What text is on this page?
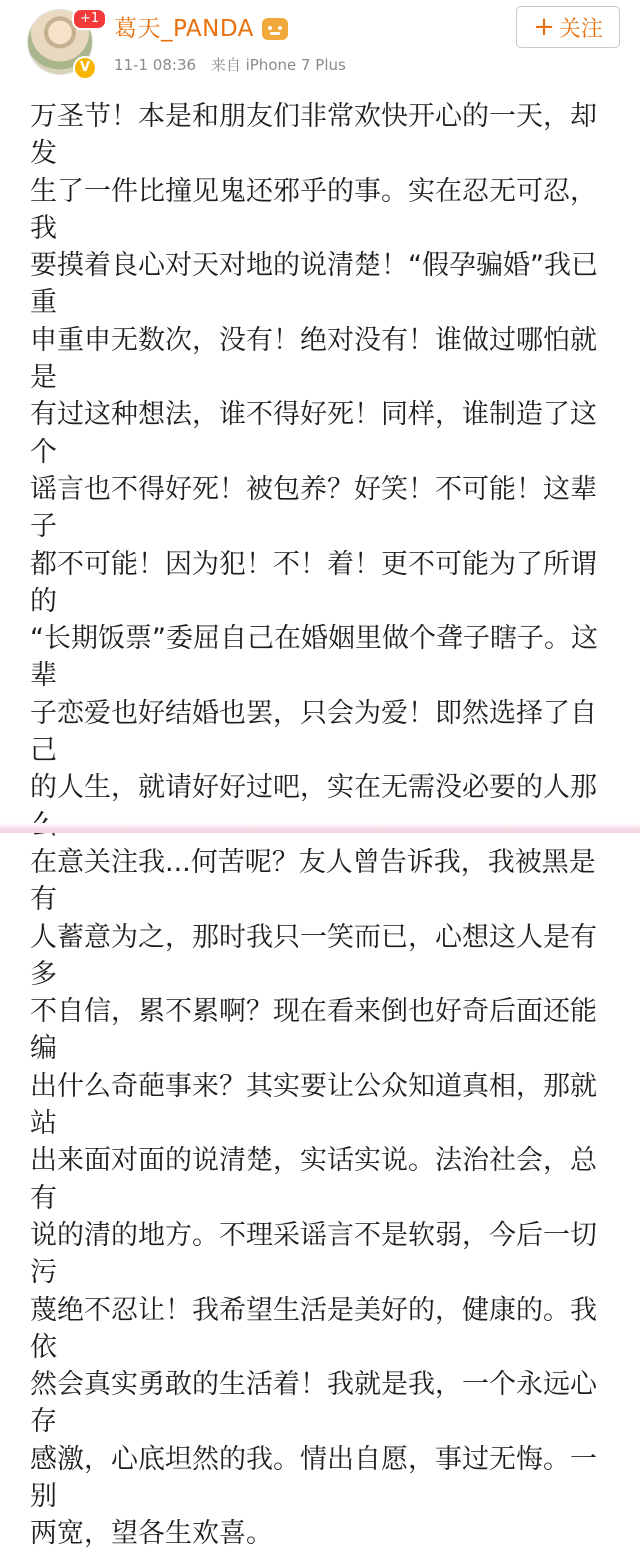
+1
V
葛天_PANDA
11-1 08:36 来自 iPhone 7 Plus
+ 关注

万圣节！本是和朋友们非常欢快开心的一天，却发

生了一件比撞见鬼还邪乎的事。实在忍无可忍，我

要摸着良心对天对地的说清楚！“假孕骗婚”我已重

申重申无数次，没有！绝对没有！谁做过哪怕就是

有过这种想法，谁不得好死！同样，谁制造了这个

谣言也不得好死！被包养？好笑！不可能！这辈子

都不可能！因为犯！不！着！更不可能为了所谓的

“长期饭票”委屈自己在婚姻里做个聋子瞎子。这辈

子恋爱也好结婚也罢，只会为爱！即然选择了自己

的人生，就请好好过吧，实在无需没必要的人那

在意关注我...何苦呢？友人曾告诉我，我被黑是有

人蓄意为之，那时我只一笑而已，心想这人是有多

不自信，累不累啊？现在看来倒也好奇后面还能编

出什么奇葩事来？其实要让公众知道真相，那就站

出来面对面的说清楚，实话实说。法治社会，总有

说的清的地方。不理采谣言不是软弱，今后一切污

蔑绝不忍让！我希望生活是美好的，健康的。我依

然会真实勇敢的生活着！我就是我，一个永远心存

感激，心底坦然的我。情出自愿，事过无悔。一别

两宽，望各生欢喜。
